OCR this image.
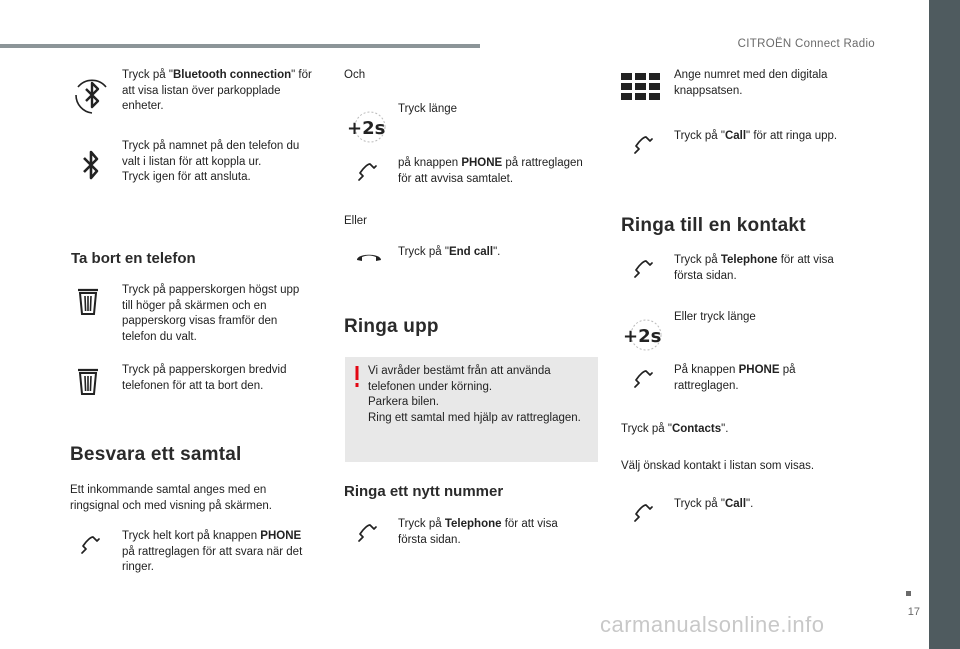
CITROËN Connect Radio
Tryck på "Bluetooth connection" för att visa listan över parkopplade enheter.
Tryck på namnet på den telefon du valt i listan för att koppla ur.
Tryck igen för att ansluta.
Ta bort en telefon
Tryck på papperskorgen högst upp till höger på skärmen och en papperskorg visas framför den telefon du valt.
Tryck på papperskorgen bredvid telefonen för att ta bort den.
Besvara ett samtal
Ett inkommande samtal anges med en ringsignal och med visning på skärmen.
Tryck helt kort på knappen PHONE på rattreglagen för att svara när det ringer.
Och
+2s
Tryck länge
på knappen PHONE på rattreglagen för att avvisa samtalet.
Eller
Tryck på "End call".
Ringa upp
Vi avråder bestämt från att använda telefonen under körning.
Parkera bilen.
Ring ett samtal med hjälp av rattreglagen.
Ringa ett nytt nummer
Tryck på Telephone för att visa första sidan.
Ange numret med den digitala knappsatsen.
Tryck på "Call" för att ringa upp.
Ringa till en kontakt
Tryck på Telephone för att visa första sidan.
+2s
Eller tryck länge
På knappen PHONE på rattreglagen.
Tryck på "Contacts".
Välj önskad kontakt i listan som visas.
Tryck på "Call".
17
carmanualsonline.info
